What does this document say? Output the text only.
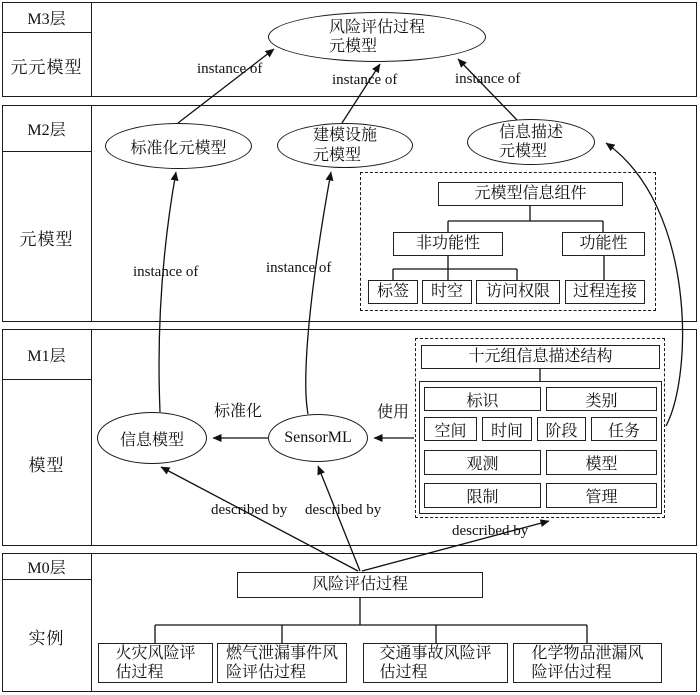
M3层
元元模型
M2层
元模型
M1层
模型
M0层
实例
风险评估过程
元模型
标准化元模型
建模设施
元模型
信息描述
元模型
元模型信息组件
非功能性	功能性
标签	时空	访问权限	过程连接
信息模型	SensorML
十元组信息描述结构
标识	类别
空间	时间	阶段	任务
观测	模型
限制	管理
风险评估过程
火灾风险评
估过程
燃气泄漏事件风
险评估过程
交通事故风险评
估过程
化学物品泄漏风
险评估过程
instance of
instance of	instance of
instance of	instance of
described by described by
described by
标准化	使用
